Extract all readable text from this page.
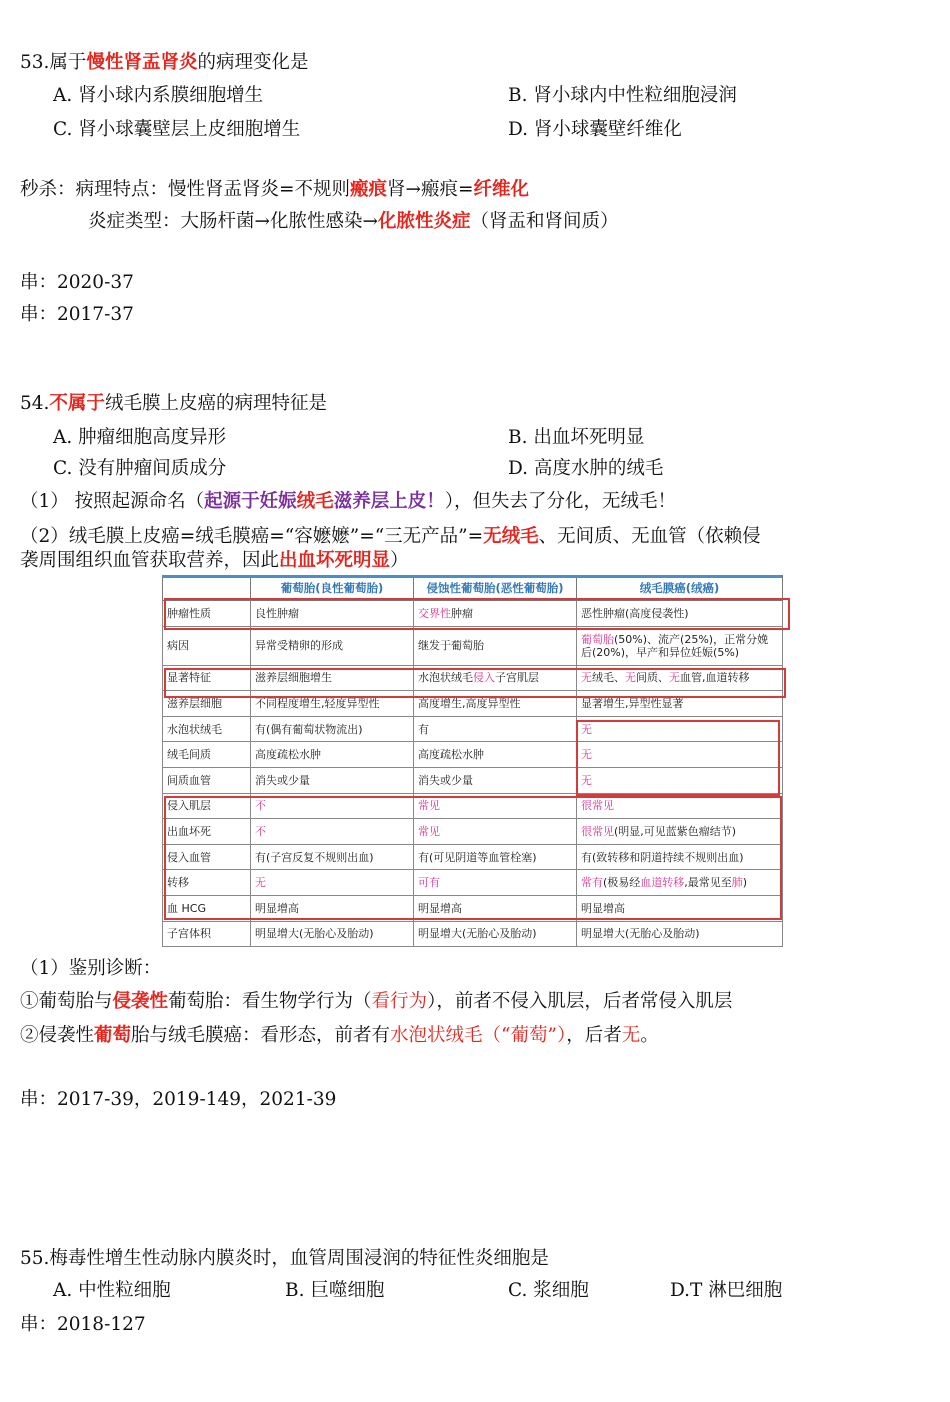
53.属于慢性肾盂肾炎的病理变化是
A. 肾小球内系膜细胞增生	B. 肾小球内中性粒细胞浸润
C. 肾小球囊壁层上皮细胞增生	D. 肾小球囊壁纤维化
秒杀：病理特点：慢性肾盂肾炎=不规则瘢痕肾→瘢痕=纤维化
炎症类型：大肠杆菌→化脓性感染→化脓性炎症（肾盂和肾间质）
串：2020-37
串：2017-37
54.不属于绒毛膜上皮癌的病理特征是
A. 肿瘤细胞高度异形	B. 出血坏死明显
C. 没有肿瘤间质成分	D. 高度水肿的绒毛
（1） 按照起源命名（起源于妊娠绒毛滋养层上皮！），但失去了分化，无绒毛！
（2）绒毛膜上皮癌=绒毛膜癌=“容嬷嬷”=“三无产品”=无绒毛、无间质、无血管（依赖侵
袭周围组织血管获取营养，因此出血坏死明显）
	葡萄胎(良性葡萄胎)	侵蚀性葡萄胎(恶性葡萄胎)	绒毛膜癌(绒癌)
肿瘤性质	良性肿瘤	交界性肿瘤	恶性肿瘤(高度侵袭性)
病因	异常受精卵的形成	继发于葡萄胎	葡萄胎(50%)、流产(25%)，正常分娩后(20%)，早产和异位妊娠(5%)
显著特征	滋养层细胞增生	水泡状绒毛侵入子宫肌层	无绒毛、无间质、无血管,血道转移
滋养层细胞	不同程度增生,轻度异型性	高度增生,高度异型性	显著增生,异型性显著
水泡状绒毛	有(偶有葡萄状物流出)	有	无
绒毛间质	高度疏松水肿	高度疏松水肿	无
间质血管	消失或少量	消失或少量	无
侵入肌层	不	常见	很常见
出血坏死	不	常见	很常见(明显,可见蓝紫色瘤结节)
侵入血管	有(子宫反复不规则出血)	有(可见阴道等血管栓塞)	有(致转移和阴道持续不规则出血)
转移	无	可有	常有(极易经血道转移,最常见至肺)
血 HCG	明显增高	明显增高	明显增高
子宫体积	明显增大(无胎心及胎动)	明显增大(无胎心及胎动)	明显增大(无胎心及胎动)
（1）鉴别诊断：
①葡萄胎与侵袭性葡萄胎：看生物学行为（看行为），前者不侵入肌层，后者常侵入肌层
②侵袭性葡萄胎与绒毛膜癌：看形态，前者有水泡状绒毛（“葡萄”），后者无。
串：2017-39，2019-149，2021-39
55.梅毒性增生性动脉内膜炎时，血管周围浸润的特征性炎细胞是
A. 中性粒细胞	B. 巨噬细胞	C. 浆细胞	D.T 淋巴细胞
串：2018-127
